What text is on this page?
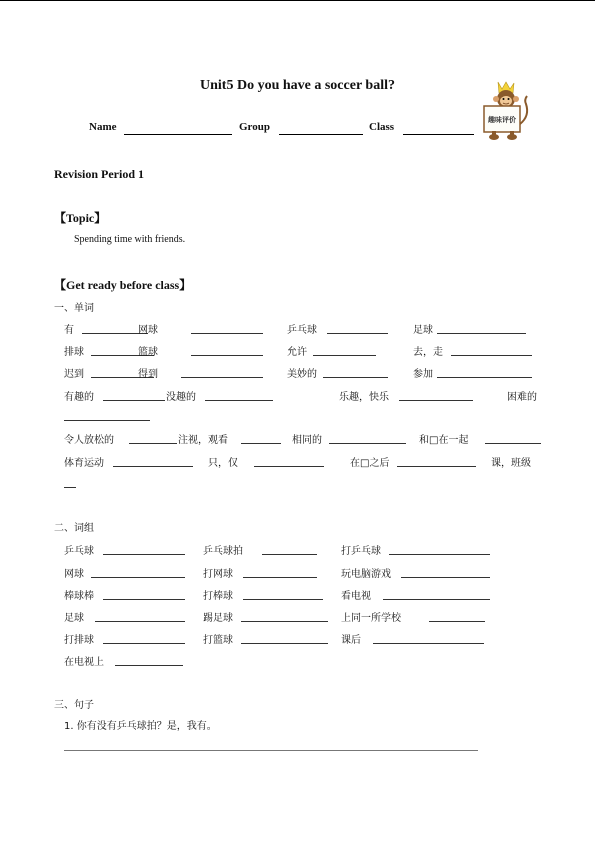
Unit5 Do you have a soccer ball?
Name	Group	Class
趣味评价
Revision Period 1
【Topic】
Spending time with friends.
【Get ready before class】
一、单词
有	网球	乒乓球	足球
排球	篮球	允许	去，走
迟到	得到	美妙的	参加
有趣的	没趣的	乐趣，快乐	困难的
令人放松的	注视，观看	相同的	和□在一起
体育运动	只，仅	在□之后	课，班级
二、词组
乒乓球	乒乓球拍	打乒乓球
网球	打网球	玩电脑游戏
棒球棒	打棒球	看电视
足球	踢足球	上同一所学校
打排球	打篮球	课后
在电视上
三、句子
1. 你有没有乒乓球拍？是，我有。
